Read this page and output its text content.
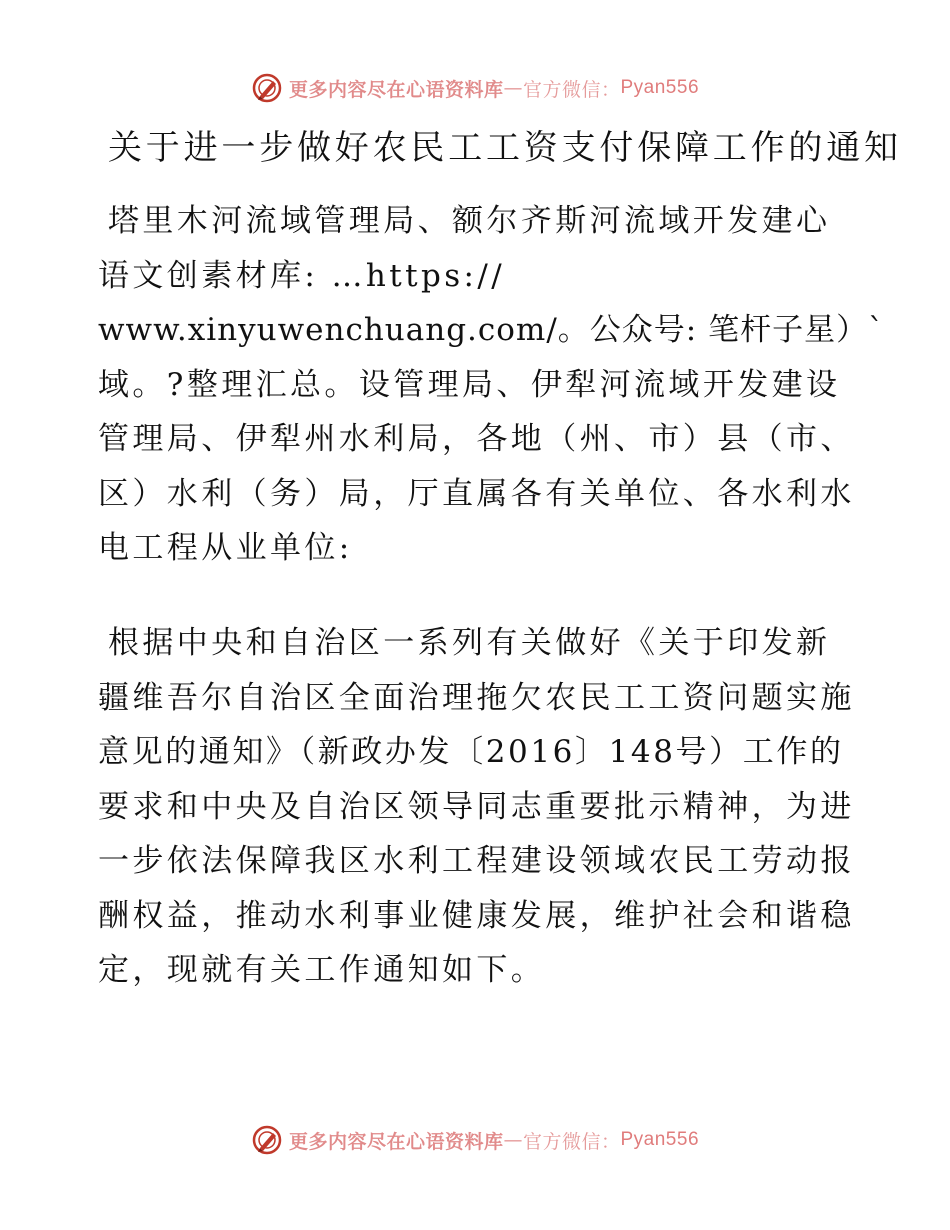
更多内容尽在心语资料库 — 官方微信： Pyan556
关于进一步做好农民工工资支付保障工作的通知
塔里木河流域管理局、额尔齐斯河流域开发建心
语文创素材库: …https://
www.xinyuwenchuang.com/。公众号: 笔杆子星）`
域。?整理汇总。设管理局、伊犁河流域开发建设
管理局、伊犁州水利局，各地（州、市）县（市、
区）水利（务）局，厅直属各有关单位、各水利水
电工程从业单位:
根据中央和自治区一系列有关做好《关于印发新
疆维吾尔自治区全面治理拖欠农民工工资问题实施
意见的通知》（新政办发〔2016〕148号）工作的
要求和中央及自治区领导同志重要批示精神，为进
一步依法保障我区水利工程建设领域农民工劳动报
酬权益，推动水利事业健康发展，维护社会和谐稳
定，现就有关工作通知如下。
更多内容尽在心语资料库 — 官方微信： Pyan556
